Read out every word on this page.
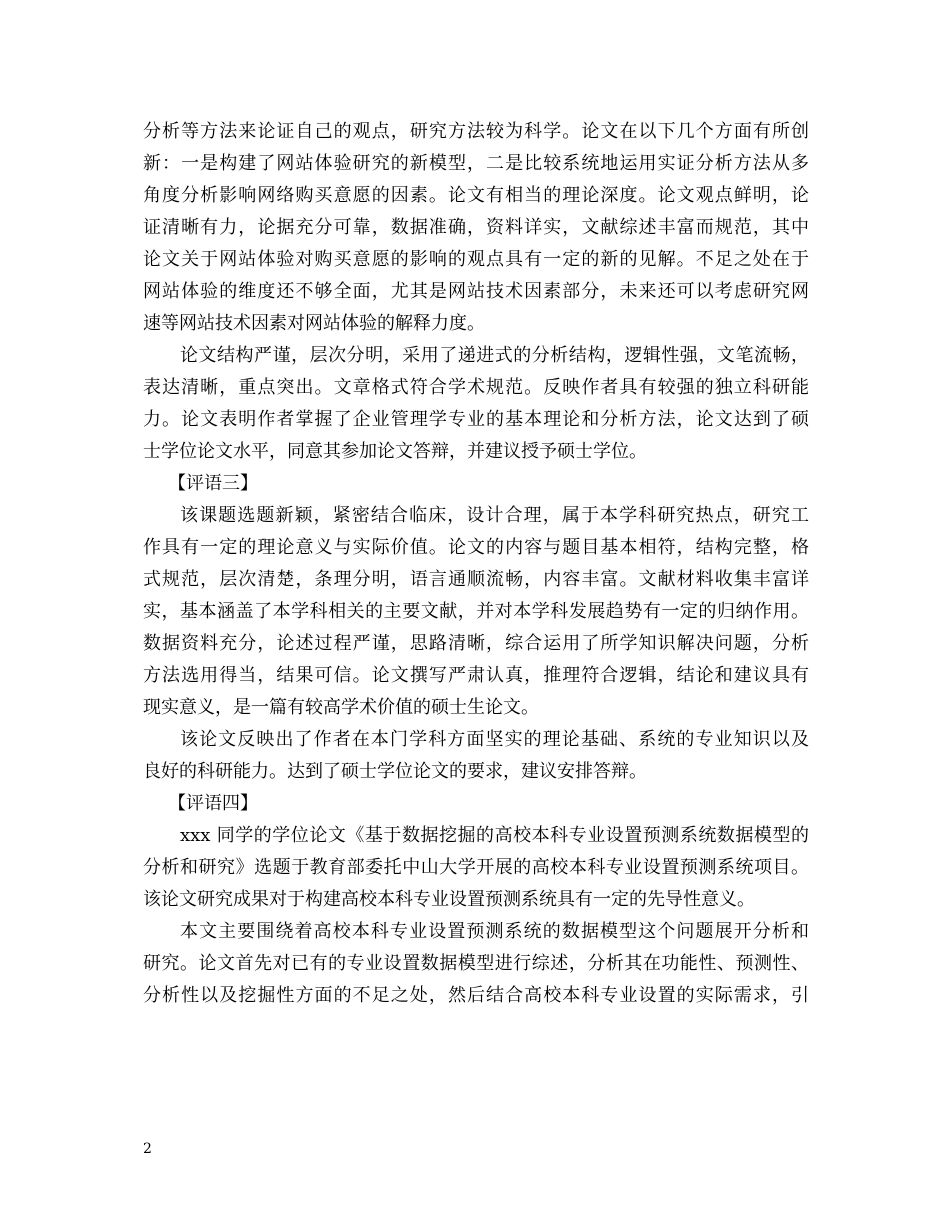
分析等方法来论证自己的观点，研究方法较为科学。论文在以下几个方面有所创
新：一是构建了网站体验研究的新模型，二是比较系统地运用实证分析方法从多
角度分析影响网络购买意愿的因素。论文有相当的理论深度。论文观点鲜明，论
证清晰有力，论据充分可靠，数据准确，资料详实，文献综述丰富而规范，其中
论文关于网站体验对购买意愿的影响的观点具有一定的新的见解。不足之处在于
网站体验的维度还不够全面，尤其是网站技术因素部分，未来还可以考虑研究网
速等网站技术因素对网站体验的解释力度。
论文结构严谨，层次分明，采用了递进式的分析结构，逻辑性强，文笔流畅，
表达清晰，重点突出。文章格式符合学术规范。反映作者具有较强的独立科研能
力。论文表明作者掌握了企业管理学专业的基本理论和分析方法，论文达到了硕
士学位论文水平，同意其参加论文答辩，并建议授予硕士学位。
【评语三】
该课题选题新颖，紧密结合临床，设计合理，属于本学科研究热点，研究工
作具有一定的理论意义与实际价值。论文的内容与题目基本相符，结构完整，格
式规范，层次清楚，条理分明，语言通顺流畅，内容丰富。文献材料收集丰富详
实，基本涵盖了本学科相关的主要文献，并对本学科发展趋势有一定的归纳作用。
数据资料充分，论述过程严谨，思路清晰，综合运用了所学知识解决问题，分析
方法选用得当，结果可信。论文撰写严肃认真，推理符合逻辑，结论和建议具有
现实意义，是一篇有较高学术价值的硕士生论文。
该论文反映出了作者在本门学科方面坚实的理论基础、系统的专业知识以及
良好的科研能力。达到了硕士学位论文的要求，建议安排答辩。
【评语四】
xxx 同学的学位论文《基于数据挖掘的高校本科专业设置预测系统数据模型的
分析和研究》选题于教育部委托中山大学开展的高校本科专业设置预测系统项目。
该论文研究成果对于构建高校本科专业设置预测系统具有一定的先导性意义。
本文主要围绕着高校本科专业设置预测系统的数据模型这个问题展开分析和
研究。论文首先对已有的专业设置数据模型进行综述，分析其在功能性、预测性、
分析性以及挖掘性方面的不足之处，然后结合高校本科专业设置的实际需求，引
2
